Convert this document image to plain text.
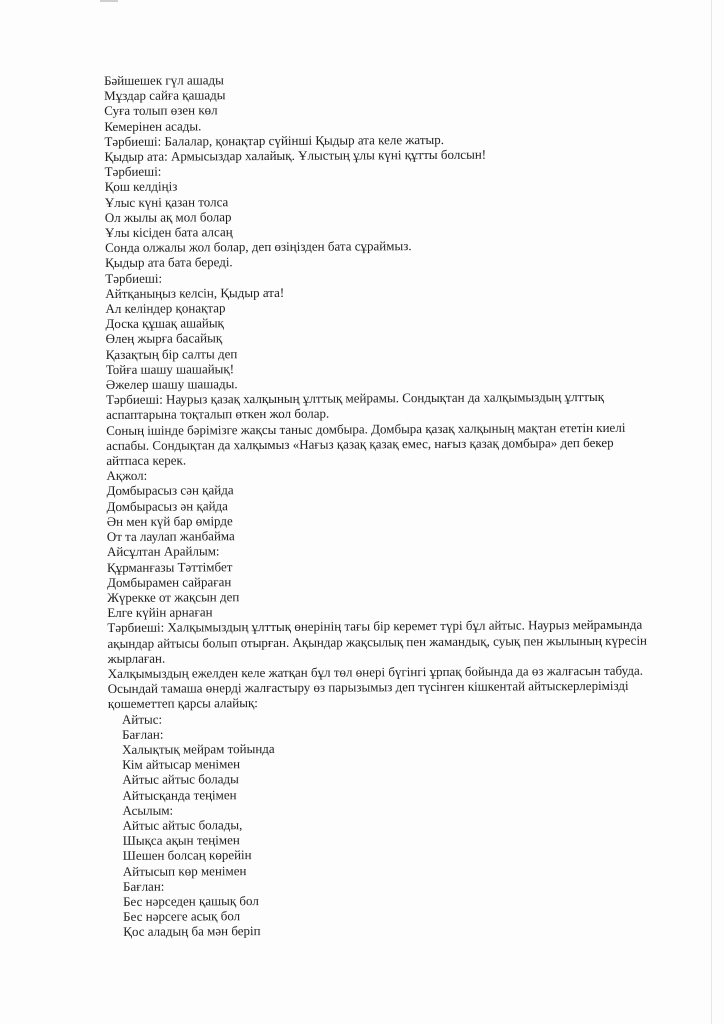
Бәйшешек гүл ашады
Мұздар сайға қашады
Суға толып өзен көл
Кемерінен асады.
Тәрбиеші: Балалар, қонақтар сүйінші Қыдыр ата келе жатыр.
Қыдыр ата: Армысыздар халайық. Ұлыстың ұлы күні құтты болсын!
Тәрбиеші:
Қош келдіңіз
Ұлыс күні қазан толса
Ол жылы ақ мол болар
Ұлы кісіден бата алсаң
Сонда олжалы жол болар, деп өзіңізден бата сұраймыз.
Қыдыр ата бата береді.
Тәрбиеші:
Айтқаныңыз келсін, Қыдыр ата!
Ал келіндер қонақтар
Доска құшақ ашайық
Өлең жырға басайық
Қазақтың бір салты деп
Тойға шашу шашайық!
Әжелер шашу шашады.
Тәрбиеші: Наурыз қазақ халқының ұлттық мейрамы. Сондықтан да халқымыздың ұлттық
аспаптарына тоқталып өткен жол болар.
Соның ішінде бәрімізге жақсы таныс домбыра. Домбыра қазақ халқының мақтан ететін киелі
аспабы. Сондықтан да халқымыз «Нағыз қазақ қазақ емес, нағыз қазақ домбыра» деп бекер
айтпаса керек.
Ақжол:
Домбырасыз сән қайда
Домбырасыз ән қайда
Ән мен күй бар өмірде
От та лаулап жанбайма
Айсұлтан Арайлым:
Құрманғазы Тәттімбет
Домбырамен сайраған
Жүрекке от жақсын деп
Елге күйін арнаған
Тәрбиеші: Халқымыздың ұлттық өнерінің тағы бір керемет түрі бұл айтыс. Наурыз мейрамында
ақындар айтысы болып отырған. Ақындар жақсылық пен жамандық, суық пен жылының күресін
жырлаған.
Халқымыздың ежелден келе жатқан бұл төл өнері бүгінгі ұрпақ бойында да өз жалғасын табуда.
Осындай тамаша өнерді жалғастыру өз парызымыз деп түсінген кішкентай айтыскерлерімізді
қошеметтеп қарсы алайық:
Айтыс:
Бағлан:
Халықтық мейрам тойында
Кім айтысар менімен
Айтыс айтыс болады
Айтысқанда теңімен
Асылым:
Айтыс айтыс болады,
Шықса ақын теңімен
Шешен болсаң көрейін
Айтысып көр менімен
Бағлан:
Бес нәрседен қашық бол
Бес нәрсеге асық бол
Қос аладың ба мән беріп
